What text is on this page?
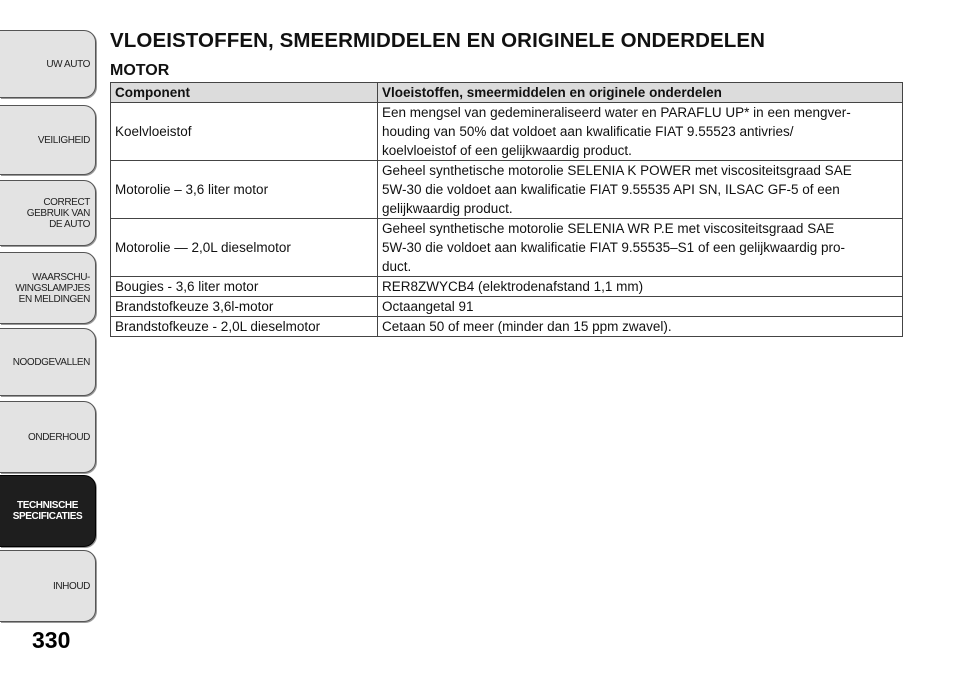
UW AUTO
VEILIGHEID
CORRECT
GEBRUIK VAN
DE AUTO
WAARSCHU-
WINGSLAMPJES
EN MELDINGEN
NOODGEVALLEN
ONDERHOUD
TECHNISCHE
SPECIFICATIES
INHOUD
330
VLOEISTOFFEN, SMEERMIDDELEN EN ORIGINELE ONDERDELEN
MOTOR
Component	Vloeistoffen, smeermiddelen en originele onderdelen
Koelvloeistof	Een mengsel van gedemineraliseerd water en PARAFLU UP* in een mengver-
houding van 50% dat voldoet aan kwalificatie FIAT 9.55523 antivries/
koelvloeistof of een gelijkwaardig product.
Motorolie – 3,6 liter motor	Geheel synthetische motorolie SELENIA K POWER met viscositeitsgraad SAE
5W-30 die voldoet aan kwalificatie FIAT 9.55535 API SN, ILSAC GF-5 of een
gelijkwaardig product.
Motorolie — 2,0L dieselmotor	Geheel synthetische motorolie SELENIA WR P.E met viscositeitsgraad SAE
5W-30 die voldoet aan kwalificatie FIAT 9.55535–S1 of een gelijkwaardig pro-
duct.
Bougies - 3,6 liter motor	RER8ZWYCB4 (elektrodenafstand 1,1 mm)
Brandstofkeuze 3,6l-motor	Octaangetal 91
Brandstofkeuze - 2,0L dieselmotor	Cetaan 50 of meer (minder dan 15 ppm zwavel).
